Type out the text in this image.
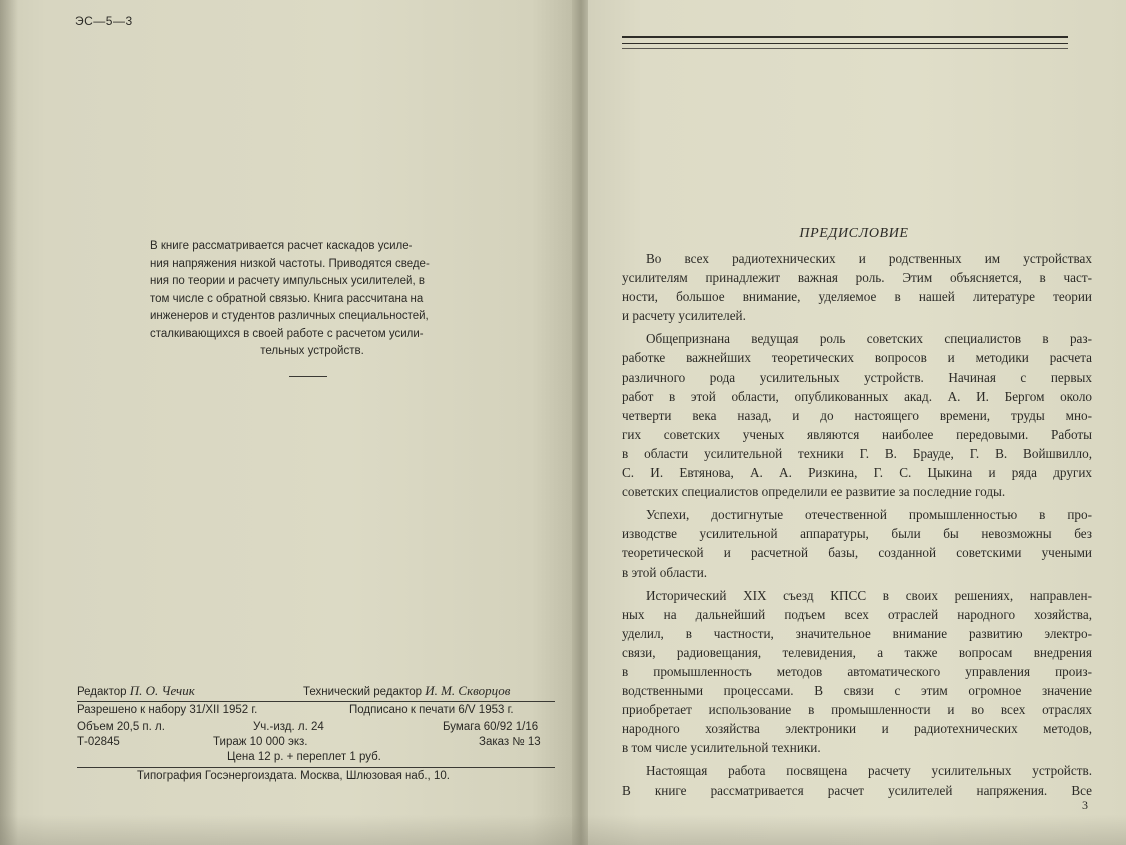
ЭС—5—3
В книге рассматривается расчет каскадов усиле-
ния напряжения низкой частоты. Приводятся сведе-
ния по теории и расчету импульсных усилителей, в
том числе с обратной связью. Книга рассчитана на
инженеров и студентов различных специальностей,
сталкивающихся в своей работе с расчетом усили-
тельных устройств.
Редактор П. О. Чечик	Технический редактор И. М. Скворцов
Разрешено к набору 31/XII 1952 г.	Подписано к печати 6/V 1953 г.
Объем 20,5 п. л.	Уч.-изд. л. 24	Бумага 60/92 1/16
Т-02845	Тираж 10 000 экз.	Заказ № 13
Цена 12 р. + переплет 1 руб.
Типография Госэнергоиздата. Москва, Шлюзовая наб., 10.
ПРЕДИСЛОВИЕ
Во всех радиотехнических и родственных им устройствах
усилителям принадлежит важная роль. Этим объясняется, в част-
ности, большое внимание, уделяемое в нашей литературе теории
и расчету усилителей.
Общепризнана ведущая роль советских специалистов в раз-
работке важнейших теоретических вопросов и методики расчета
различного рода усилительных устройств. Начиная с первых
работ в этой области, опубликованных акад. А. И. Бергом около
четверти века назад, и до настоящего времени, труды мно-
гих советских ученых являются наиболее передовыми. Работы
в области усилительной техники Г. В. Брауде, Г. В. Войшвилло,
С. И. Евтянова, А. А. Ризкина, Г. С. Цыкина и ряда других
советских специалистов определили ее развитие за последние годы.
Успехи, достигнутые отечественной промышленностью в про-
изводстве усилительной аппаратуры, были бы невозможны без
теоретической и расчетной базы, созданной советскими учеными
в этой области.
Исторический XIX съезд КПСС в своих решениях, направлен-
ных на дальнейший подъем всех отраслей народного хозяйства,
уделил, в частности, значительное внимание развитию электро-
связи, радиовещания, телевидения, а также вопросам внедрения
в промышленность методов автоматического управления произ-
водственными процессами. В связи с этим огромное значение
приобретает использование в промышленности и во всех отраслях
народного хозяйства электроники и радиотехнических методов,
в том числе усилительной техники.
Настоящая работа посвящена расчету усилительных устройств.
В книге рассматривается расчет усилителей напряжения. Все
3
